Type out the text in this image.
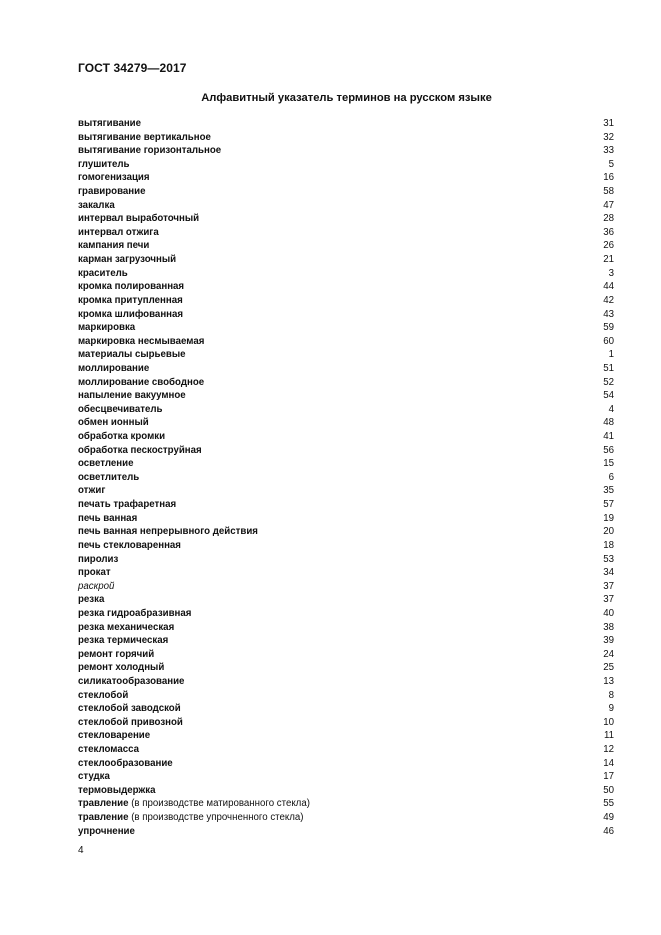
ГОСТ 34279—2017
Алфавитный указатель терминов на русском языке
вытягивание	31
вытягивание вертикальное	32
вытягивание горизонтальное	33
глушитель	5
гомогенизация	16
гравирование	58
закалка	47
интервал выработочный	28
интервал отжига	36
кампания печи	26
карман загрузочный	21
краситель	3
кромка полированная	44
кромка притупленная	42
кромка шлифованная	43
маркировка	59
маркировка несмываемая	60
материалы сырьевые	1
моллирование	51
моллирование свободное	52
напыление вакуумное	54
обесцвечиватель	4
обмен ионный	48
обработка кромки	41
обработка пескоструйная	56
осветление	15
осветлитель	6
отжиг	35
печать трафаретная	57
печь ванная	19
печь ванная непрерывного действия	20
печь стекловаренная	18
пиролиз	53
прокат	34
раскрой	37
резка	37
резка гидроабразивная	40
резка механическая	38
резка термическая	39
ремонт горячий	24
ремонт холодный	25
силикатообразование	13
стеклобой	8
стеклобой заводской	9
стеклобой привозной	10
стекловарение	11
стекломасса	12
стеклообразование	14
студка	17
термовыдержка	50
травление (в производстве матированного стекла)	55
травление (в производстве упрочненного стекла)	49
упрочнение	46
4
